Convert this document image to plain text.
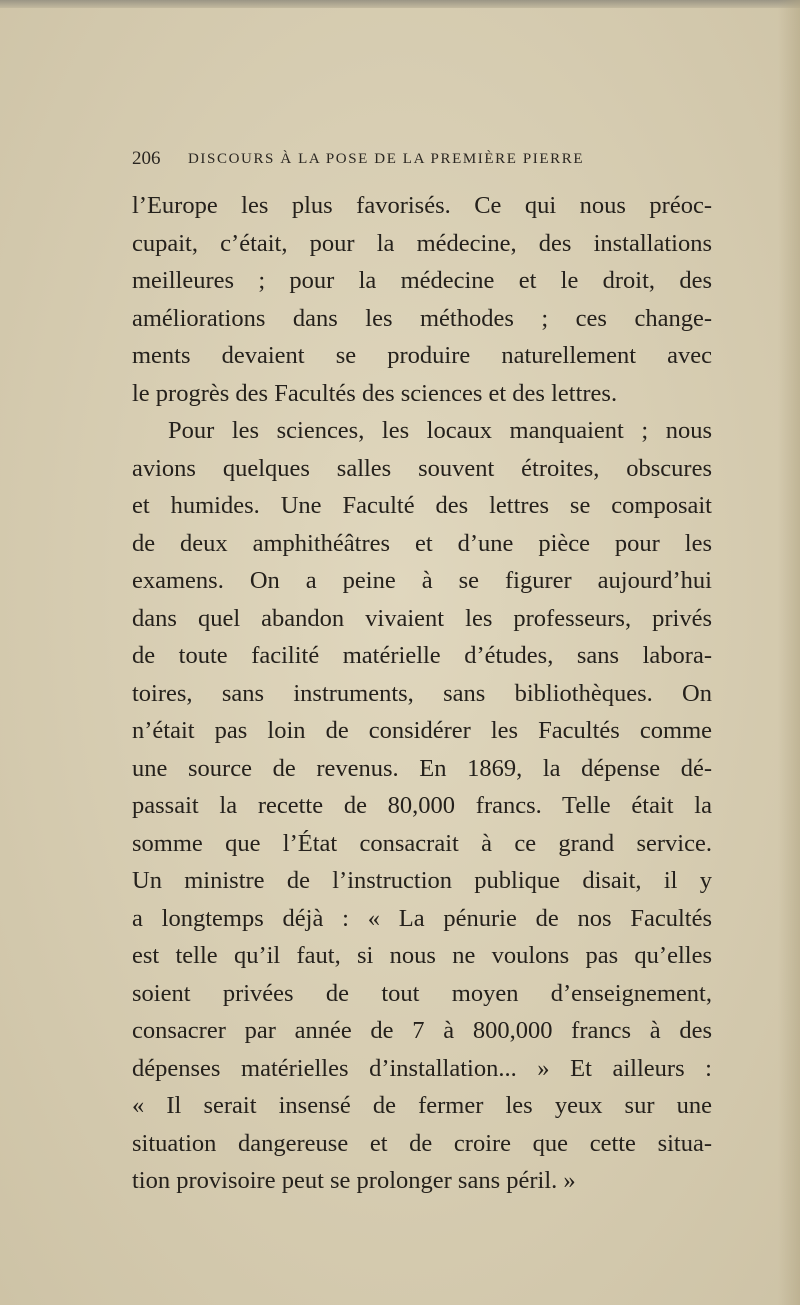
206 DISCOURS À LA POSE DE LA PREMIÈRE PIERRE
l’Europe les plus favorisés. Ce qui nous préoc-
cupait, c’était, pour la médecine, des installations
meilleures ; pour la médecine et le droit, des
améliorations dans les méthodes ; ces change-
ments devaient se produire naturellement avec
le progrès des Facultés des sciences et des lettres.
Pour les sciences, les locaux manquaient ; nous
avions quelques salles souvent étroites, obscures
et humides. Une Faculté des lettres se composait
de deux amphithéâtres et d’une pièce pour les
examens. On a peine à se figurer aujourd’hui
dans quel abandon vivaient les professeurs, privés
de toute facilité matérielle d’études, sans labora-
toires, sans instruments, sans bibliothèques. On
n’était pas loin de considérer les Facultés comme
une source de revenus. En 1869, la dépense dé-
passait la recette de 80,000 francs. Telle était la
somme que l’État consacrait à ce grand service.
Un ministre de l’instruction publique disait, il y
a longtemps déjà : « La pénurie de nos Facultés
est telle qu’il faut, si nous ne voulons pas qu’elles
soient privées de tout moyen d’enseignement,
consacrer par année de 7 à 800,000 francs à des
dépenses matérielles d’installation... » Et ailleurs :
« Il serait insensé de fermer les yeux sur une
situation dangereuse et de croire que cette situa-
tion provisoire peut se prolonger sans péril. »
